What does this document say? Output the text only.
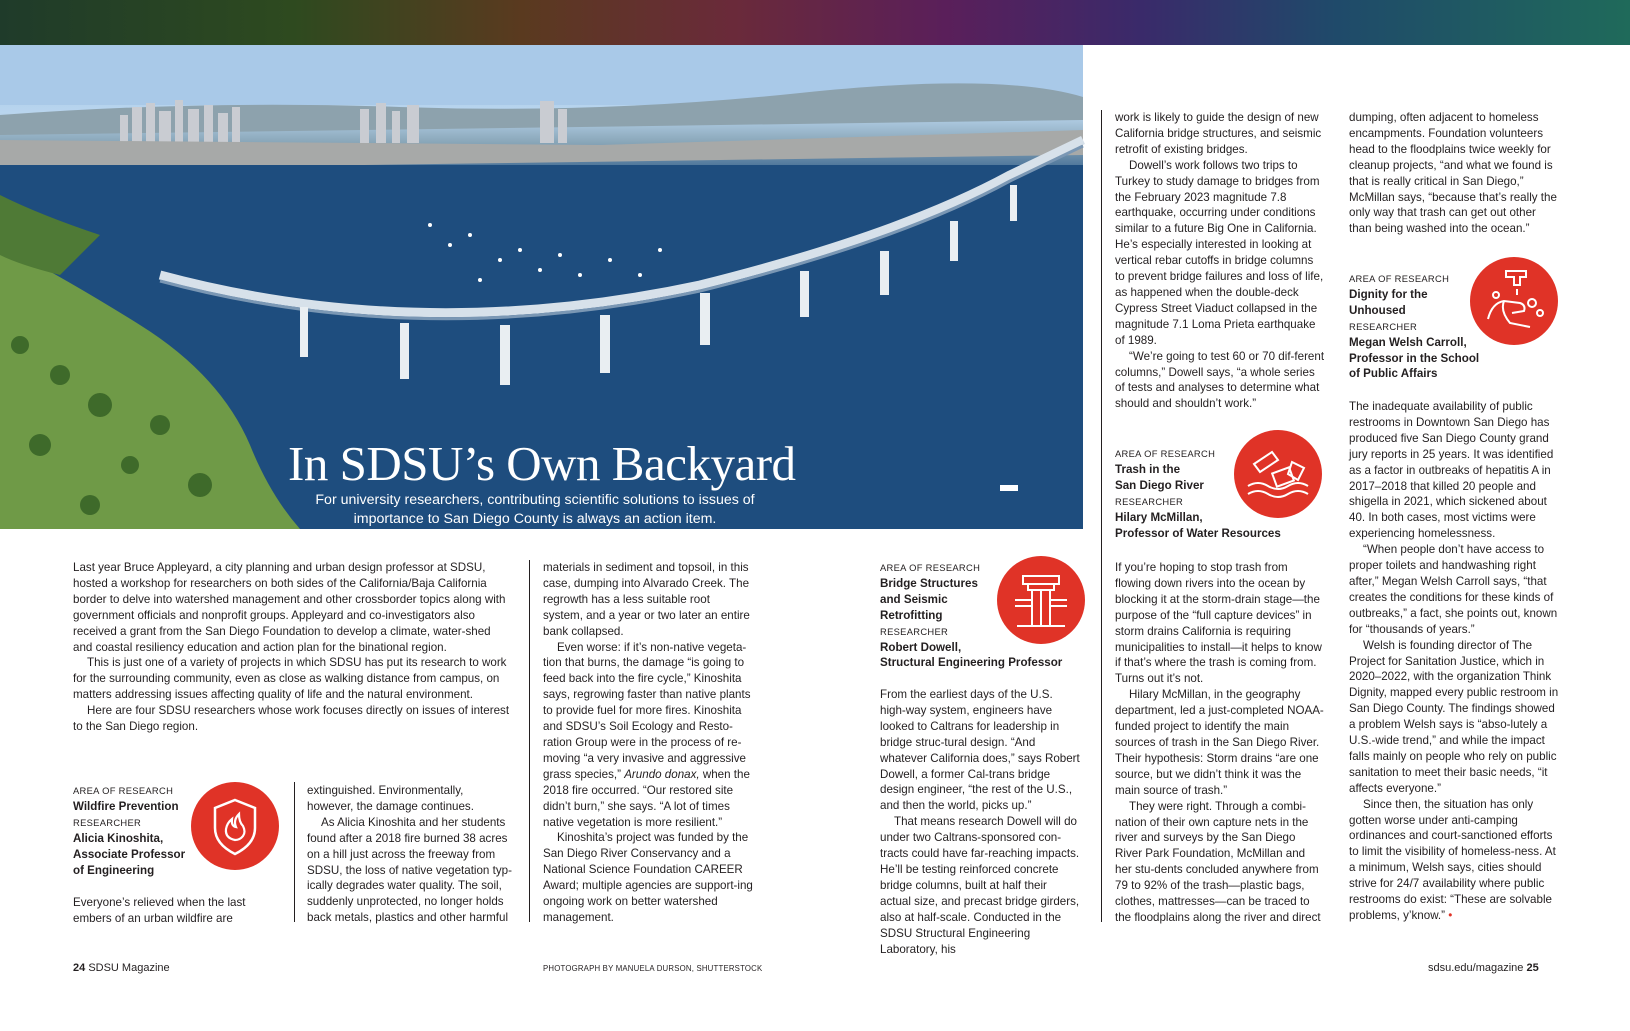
In SDSU’s Own Backyard

For university researchers, contributing scientific solutions to issues of importance to San Diego County is always an action item.

BY JEFF RISTINE

Last year Bruce Appleyard, a city planning and urban design professor at SDSU, hosted a workshop for researchers on both sides of the California/Baja California border to delve into watershed management and other crossborder topics along with government officials and nonprofit groups. Appleyard and co-investigators also received a grant from the San Diego Foundation to develop a climate, water-shed and coastal resiliency education and action plan for the binational region.

This is just one of a variety of projects in which SDSU has put its research to work for the surrounding community, even as close as walking distance from campus, on matters addressing issues affecting quality of life and the natural environment.

Here are four SDSU researchers whose work focuses directly on issues of interest to the San Diego region.

AREA OF RESEARCH
Wildfire Prevention
RESEARCHER
Alicia Kinoshita,
Associate Professor
of Engineering

Everyone’s relieved when the last embers of an urban wildfire are

extinguished. Environmentally, however, the damage continues.

As Alicia Kinoshita and her students found after a 2018 fire burned 38 acres on a hill just across the freeway from SDSU, the loss of native vegetation typ-ically degrades water quality. The soil, suddenly unprotected, no longer holds back metals, plastics and other harmful

materials in sediment and topsoil, in this case, dumping into Alvarado Creek. The regrowth has a less suitable root system, and a year or two later an entire bank collapsed.

Even worse: if it’s non-native vegeta-tion that burns, the damage “is going to feed back into the fire cycle,” Kinoshita says, regrowing faster than native plants to provide fuel for more fires. Kinoshita and SDSU’s Soil Ecology and Resto-ration Group were in the process of re-moving “a very invasive and aggressive grass species,” Arundo donax, when the 2018 fire occurred. “Our restored site didn’t burn,” she says. “A lot of times native vegetation is more resilient.”

Kinoshita’s project was funded by the San Diego River Conservancy and a National Science Foundation CAREER Award; multiple agencies are support-ing ongoing work on better watershed management.

AREA OF RESEARCH
Bridge Structures
and Seismic
Retrofitting
RESEARCHER
Robert Dowell,
Structural Engineering Professor

From the earliest days of the U.S. high-way system, engineers have looked to Caltrans for leadership in bridge struc-tural design. “And whatever California does,” says Robert Dowell, a former Cal-trans bridge design engineer, “the rest of the U.S., and then the world, picks up.”

That means research Dowell will do under two Caltrans-sponsored con-tracts could have far-reaching impacts. He’ll be testing reinforced concrete bridge columns, built at half their actual size, and precast bridge girders, also at half-scale. Conducted in the SDSU Structural Engineering Laboratory, his

work is likely to guide the design of new California bridge structures, and seismic retrofit of existing bridges.

Dowell’s work follows two trips to Turkey to study damage to bridges from the February 2023 magnitude 7.8 earthquake, occurring under conditions similar to a future Big One in California. He’s especially interested in looking at vertical rebar cutoffs in bridge columns to prevent bridge failures and loss of life, as happened when the double-deck Cypress Street Viaduct collapsed in the magnitude 7.1 Loma Prieta earthquake of 1989.

“We’re going to test 60 or 70 dif-ferent columns,” Dowell says, “a whole series of tests and analyses to determine what should and shouldn’t work.”

AREA OF RESEARCH
Trash in the
San Diego River
RESEARCHER
Hilary McMillan,
Professor of Water Resources

If you’re hoping to stop trash from flowing down rivers into the ocean by blocking it at the storm-drain stage—the purpose of the “full capture devices” in storm drains California is requiring municipalities to install—it helps to know if that’s where the trash is coming from. Turns out it’s not.

Hilary McMillan, in the geography department, led a just-completed NOAA-funded project to identify the main sources of trash in the San Diego River. Their hypothesis: Storm drains “are one source, but we didn’t think it was the main source of trash.”

They were right. Through a combi-nation of their own capture nets in the river and surveys by the San Diego River Park Foundation, McMillan and her stu-dents concluded anywhere from 79 to 92% of the trash—plastic bags, clothes, mattresses—can be traced to the floodplains along the river and direct

dumping, often adjacent to homeless encampments. Foundation volunteers head to the floodplains twice weekly for cleanup projects, “and what we found is that is really critical in San Diego,” McMillan says, “because that’s really the only way that trash can get out other than being washed into the ocean.”

AREA OF RESEARCH
Dignity for the
Unhoused
RESEARCHER
Megan Welsh Carroll,
Professor in the School
of Public Affairs

The inadequate availability of public restrooms in Downtown San Diego has produced five San Diego County grand jury reports in 25 years. It was identified as a factor in outbreaks of hepatitis A in 2017–2018 that killed 20 people and shigella in 2021, which sickened about 40. In both cases, most victims were experiencing homelessness.

“When people don’t have access to proper toilets and handwashing right after,” Megan Welsh Carroll says, “that creates the conditions for these kinds of outbreaks,” a fact, she points out, known for “thousands of years.”

Welsh is founding director of The Project for Sanitation Justice, which in 2020–2022, with the organization Think Dignity, mapped every public restroom in San Diego County. The findings showed a problem Welsh says is “abso-lutely a U.S.-wide trend,” and while the impact falls mainly on people who rely on public sanitation to meet their basic needs, “it affects everyone.”

Since then, the situation has only gotten worse under anti-camping ordinances and court-sanctioned efforts to limit the visibility of homeless-ness. At a minimum, Welsh says, cities should strive for 24/7 availability where public restrooms do exist: “These are solvable problems, y’know.” •

24 SDSU Magazine	PHOTOGRAPH BY MANUELA DURSON, SHUTTERSTOCK	sdsu.edu/magazine 25
